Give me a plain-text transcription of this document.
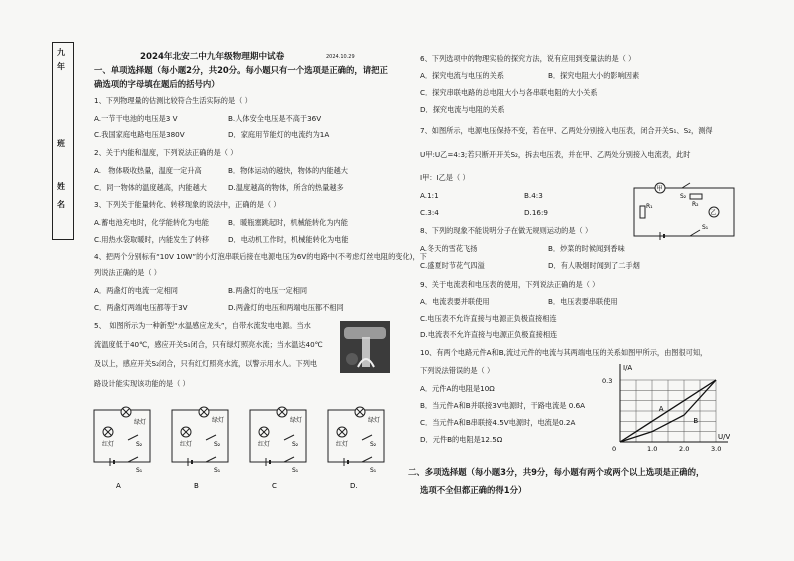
九
年
班
姓
名
2024年北安二中九年级物理期中试卷	2024.10.29
一、单项选择题（每小题2分，共20分。每小题只有一个选项是正确的，请把正
确选项的字母填在题后的括号内）
1、下列物理量的估测比较符合生活实际的是（ ）
A.一节干电池的电压是3 V	B.人体安全电压是不高于36V
C.我国家庭电路电压是380V	D．家庭用节能灯的电流约为1A
2、关于内能和温度，下列说法正确的是（ ）
A.　物体吸收热量，温度一定升高	B．物体运动的越快，物体的内能越大
C．同一物体的温度越高，内能越大	D.温度越高的物体，所含的热量越多
3、下列关于能量转化、转移现象的说法中，正确的是（ ）
A.蓄电池充电时，化学能转化为电能	B．暖瓶塞跳起时，机械能转化为内能
C.用热水袋取暖时，内能发生了转移	D．电动机工作时，机械能转化为电能
4、把两个分别标有“10V 10W”的小灯泡串联后接在电源电压为6V的电路中(不考虑灯丝电阻的变化)，下
列说法正确的是（ ）
A．两盏灯的电流一定相同	B.两盏灯的电压一定相同
C．两盏灯两端电压都等于3V	D.两盏灯的电压和两端电压都不相同
5、　如图所示为一种新型“水温感应龙头”，自带水流发电电源。当水
流温度低于40℃，感应开关S₁闭合，只有绿灯照亮水流；当水温达40℃
及以上，感应开关S₂闭合，只有红灯照亮水流，以警示用水人。下列电
路设计能实现该功能的是（ ）
绿灯
红灯	S₂
S₁
A
绿灯
红灯	S₂
S₁
B
绿灯
红灯	S₂
S₁
C
绿灯
红灯	S₂
S₁
D.
6、下列选项中的物理实验的探究方法，说有应用到变量法的是（ ）
A．探究电流与电压的关系	B．探究电阻大小的影响因素
C．探究串联电路的总电阻大小与各串联电阻的大小关系
D．探究电流与电阻的关系
7、如图所示，电源电压保持不变，若在甲、乙两处分别接入电压表，闭合开关S₁、S₂，测得
U甲:U乙=4:3;若只断开开关S₂，拆去电压表，并在甲、乙两处分别接入电流表，此时
I甲：I乙是（ ）
A.1:1	B.4:3
C.3:4	D.16:9
甲
乙
R₁	R₂
S₂
S₁
8、下列的现象不能说明分子在做无规则运动的是（ ）
A.冬天的雪花飞扬	B．炒菜的时候闻到香味
C.盛夏时节花气四溢	D．有人吸烟时闻到了二手烟
9、关于电流表和电压表的使用，下列说法正确的是（ ）
A．电流表要并联使用	B．电压表要串联使用
C.电压表不允许直接与电源正负极直接相连
D.电流表不允许直接与电源正负极直接相连
10、有两个电路元件A和B,流过元件的电流与其两端电压的关系如图甲所示，由图很可知，
下列说法错误的是（ ）
A．元件A的电阻是10Ω
B．当元件A和B并联接3V电源时，干路电流是 0.6A
C．当元件A和B串联接4.5V电源时，电流是0.2A
D．元件B的电阻是12.5Ω
I/A
U/V
0	1.0	2.0	3.0
0.3
A
B
二、多项选择题（每小题3分，共9分，每小题有两个或两个以上选项是正确的，
选项不全但都正确的得1分）
